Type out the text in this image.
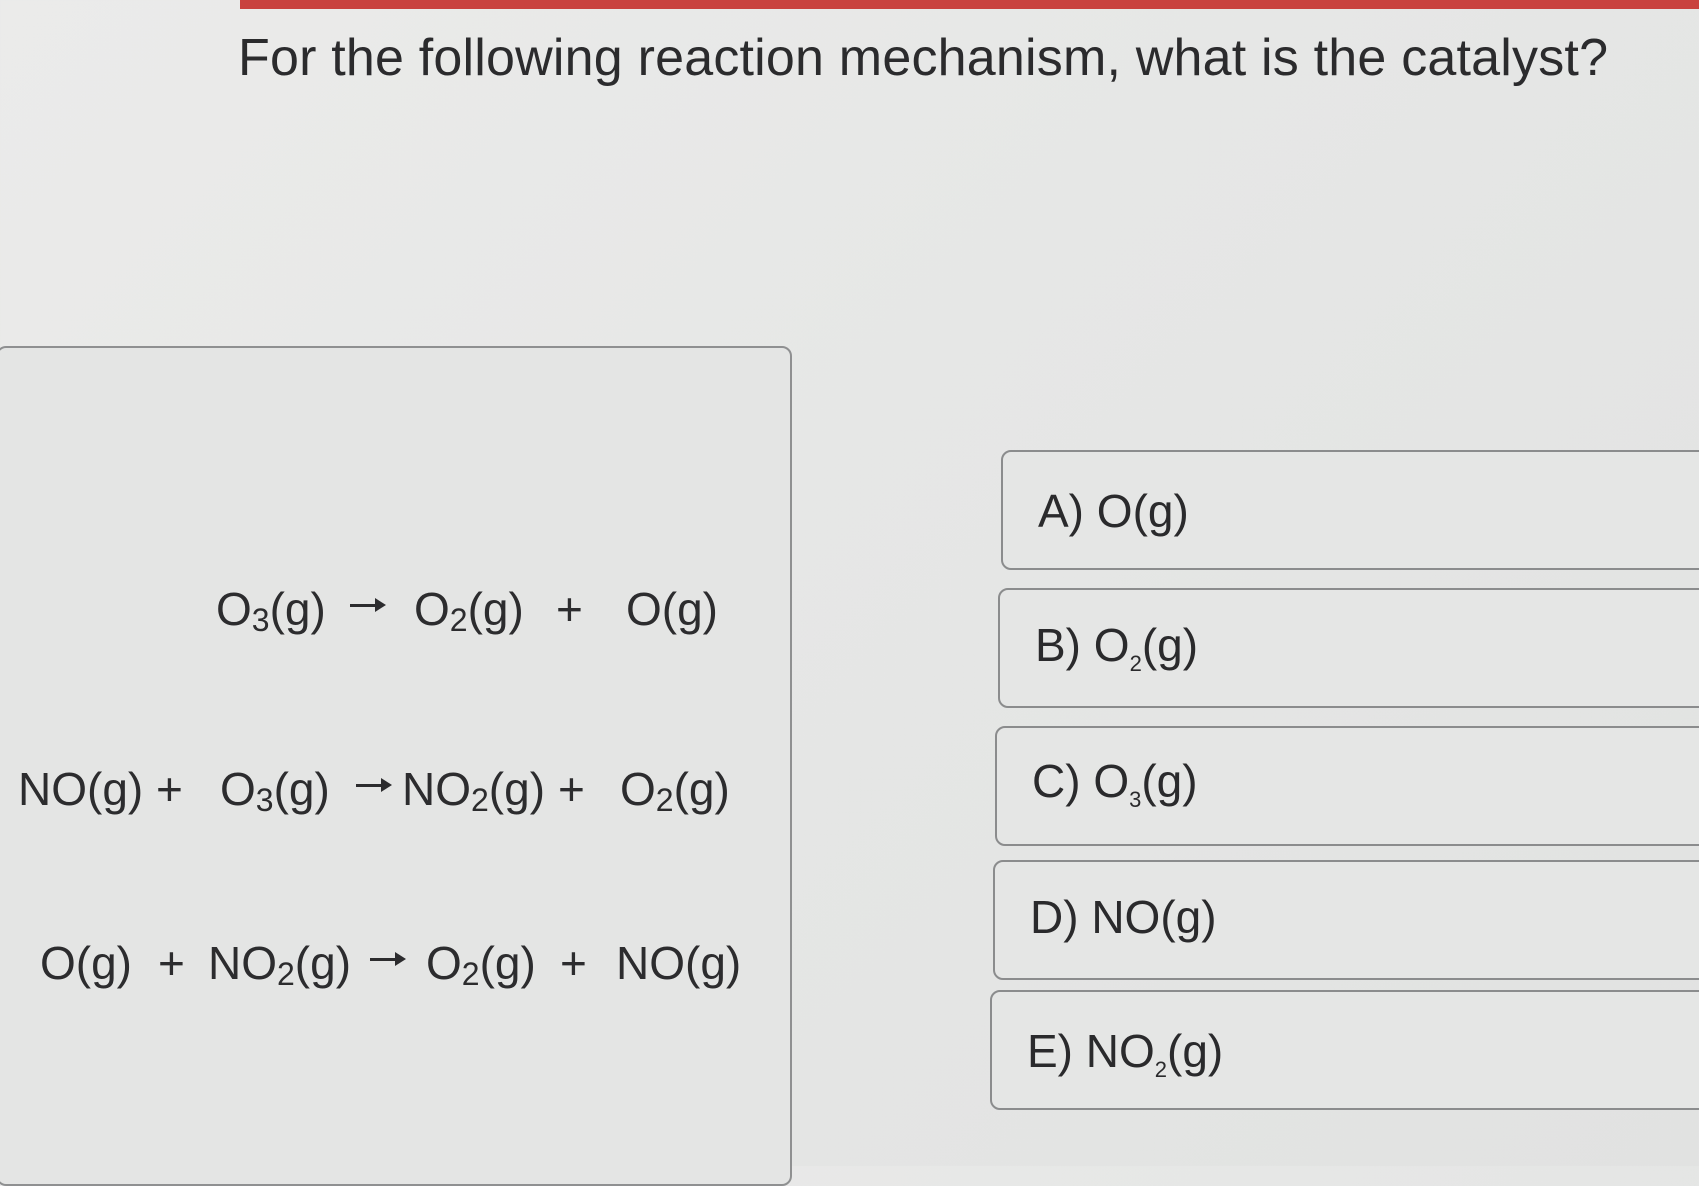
For the following reaction mechanism, what is the catalyst?
$O_3(g) \to O_2(g) + O(g)$
$NO(g) + O_3(g) \to NO_2(g) + O_2(g)$
$O(g) + NO_2(g) \to O_2(g) + NO(g)$
A) O(g)
B) $O_2(g)$
C) $O_3(g)$
D) NO(g)
E) $NO_2(g)$
